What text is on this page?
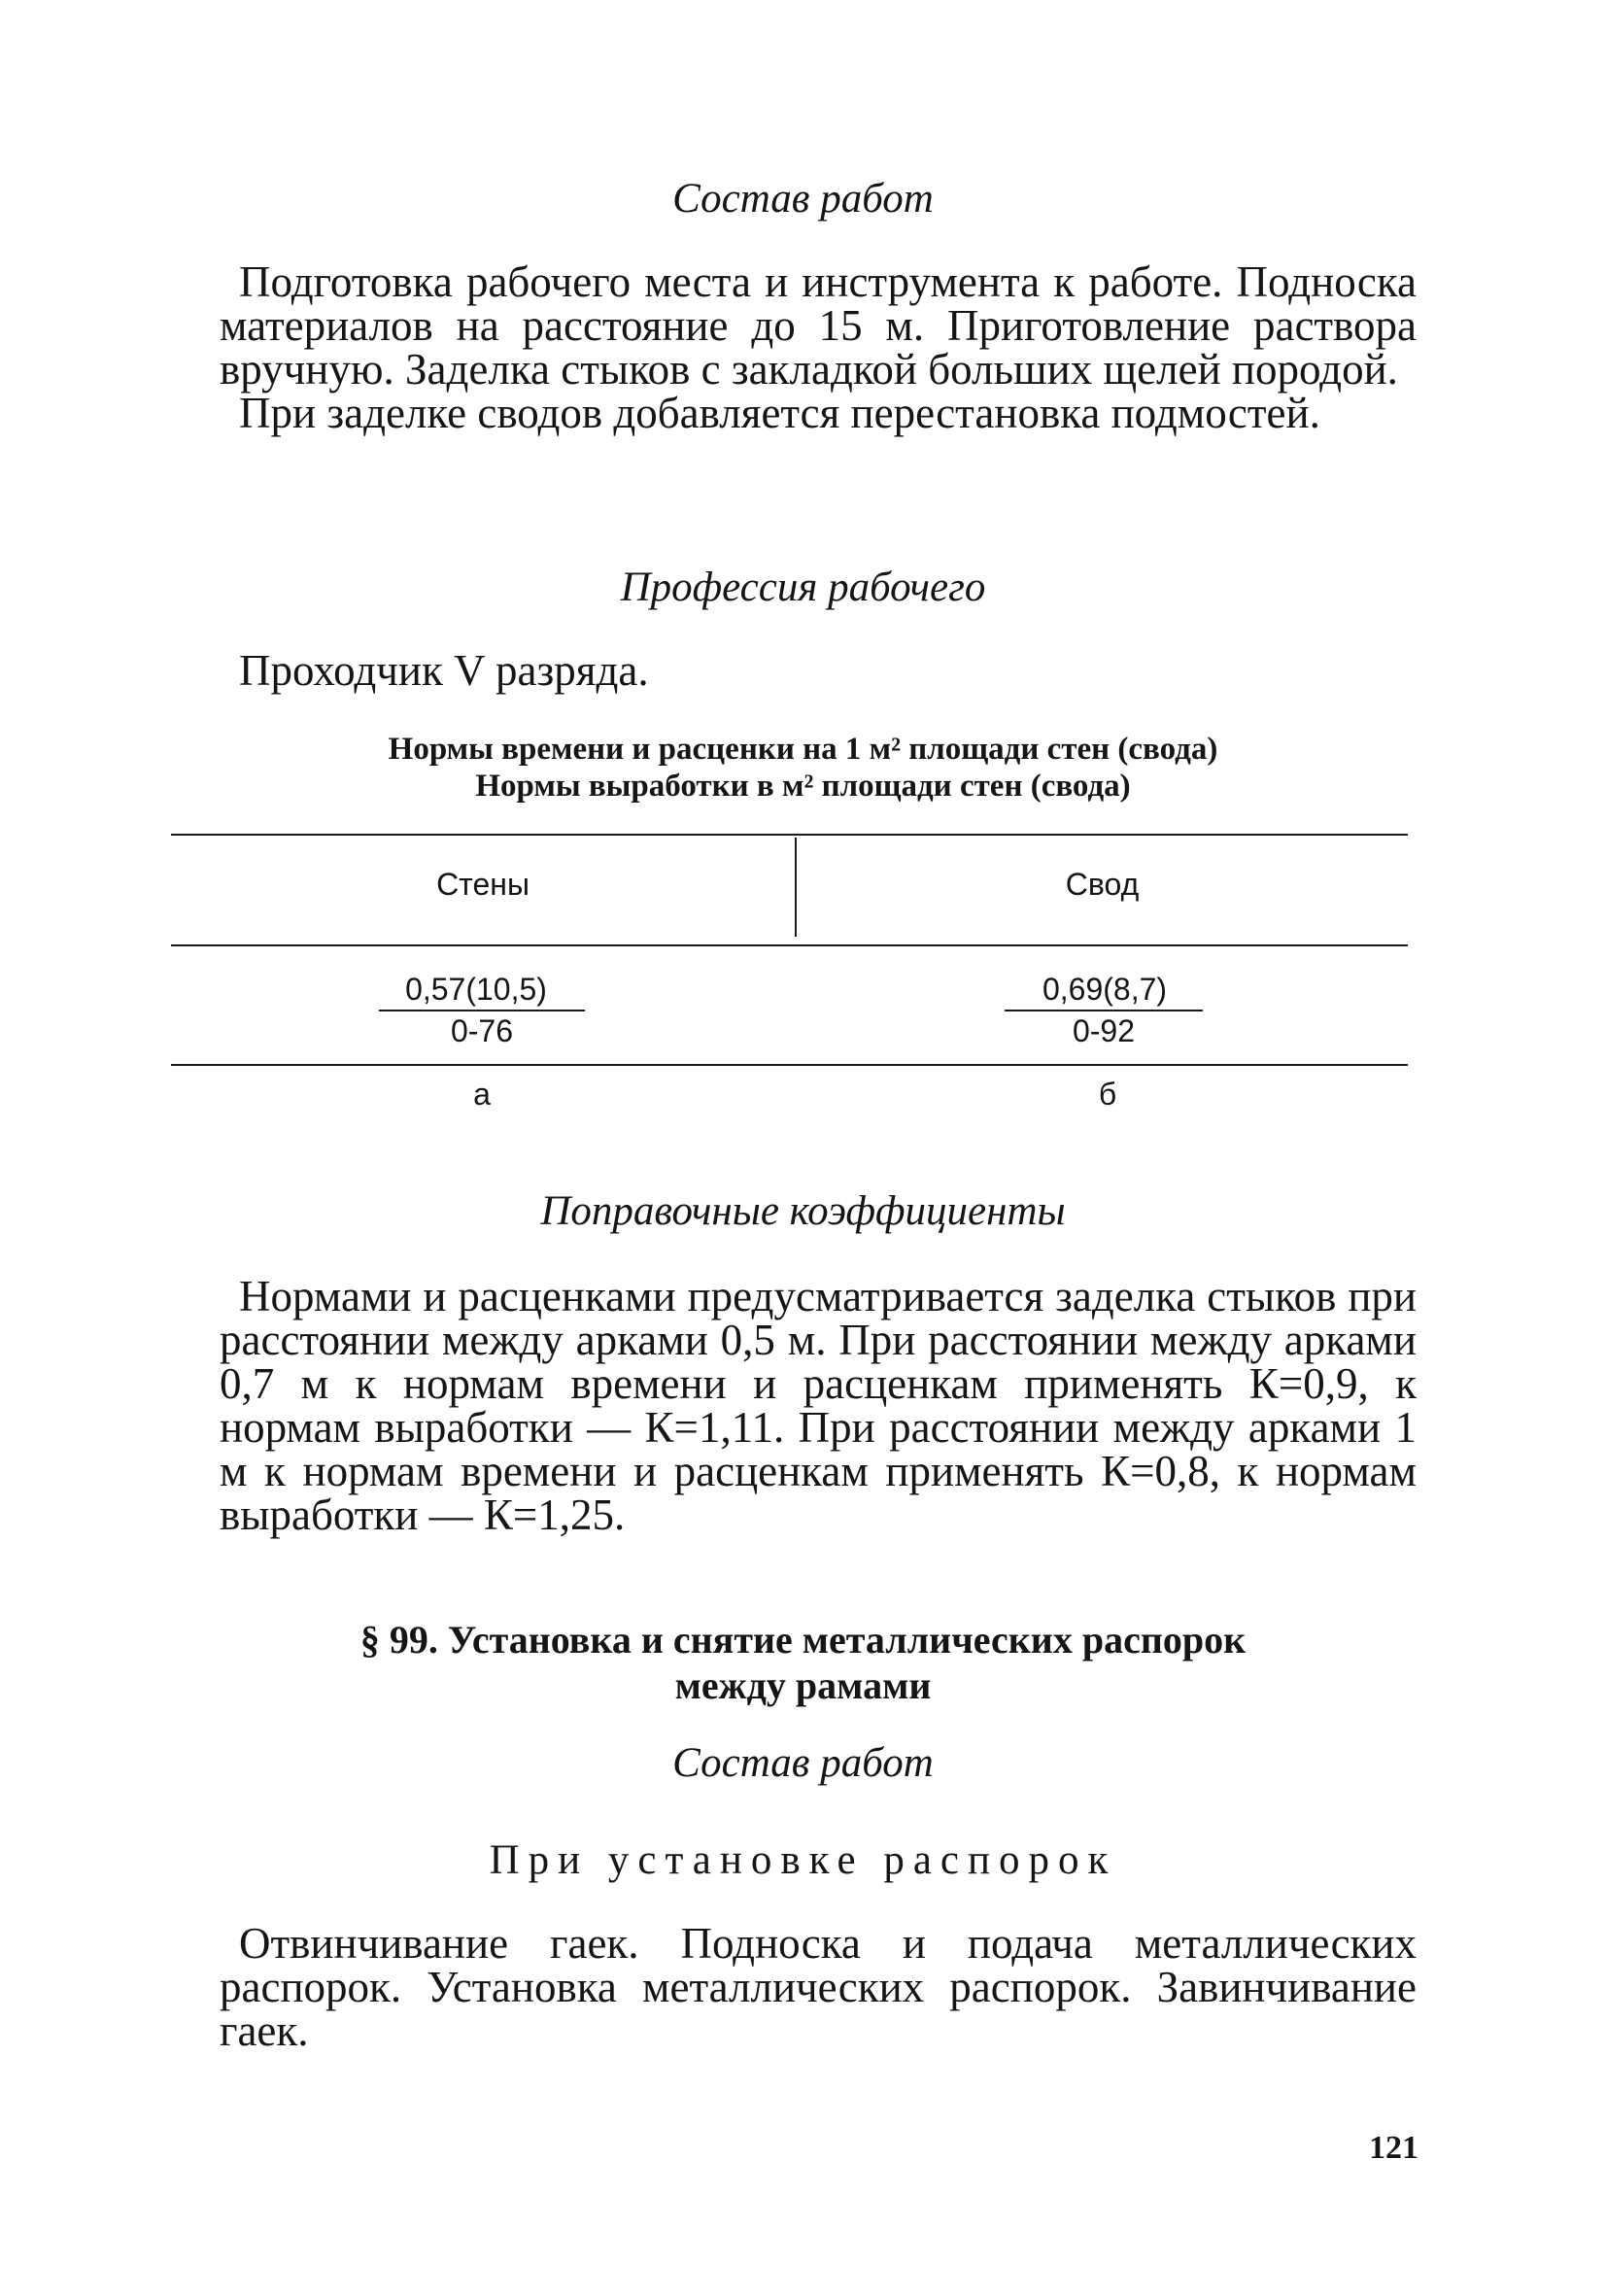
Состав работ

Подготовка рабочего места и инструмента к работе. Подноска материалов на расстояние до 15 м. Приготовление раствора вручную. Заделка стыков с закладкой больших щелей породой.

При заделке сводов добавляется перестановка подмостей.

Профессия рабочего

Проходчик V разряда.

Нормы времени и расценки на 1 м² площади стен (свода)
Нормы выработки в м² площади стен (свода)
Стены	Свод
0,57(10,5)
0-76
0,69(8,7)
0-92
а	б
Поправочные коэффициенты

Нормами и расценками предусматривается заделка стыков при расстоянии между арками 0,5 м. При расстоянии между арками 0,7 м к нормам времени и расценкам применять К=0,9, к нормам выработки — К=1,11. При расстоянии между арками 1 м к нормам времени и расценкам применять К=0,8, к нормам выработки — К=1,25.

§ 99. Установка и снятие металлических распорок
между рамами
Состав работ
При установке распорок

Отвинчивание гаек. Подноска и подача металлических распорок. Установка металлических распорок. Завинчивание гаек.

121
